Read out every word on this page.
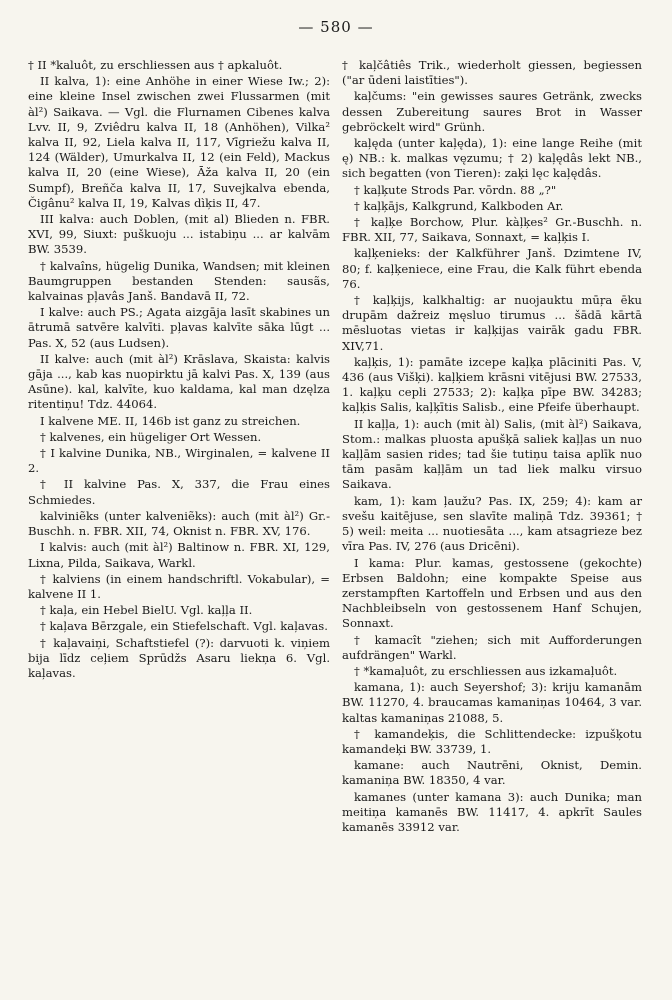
— 580 —

† II *kaluôt, zu erschliessen aus † apkaluôt.

II kalva, 1): eine Anhöhe in einer Wiese Iw.; 2): eine kleine Insel zwischen zwei Flussarmen (mit àl²) Saikava. — Vgl. die Flurnamen Cibenes kalva Lvv. II, 9, Zviêdru kalva II, 18 (Anhöhen), Vilka² kalva II, 92, Liela kalva II, 117, Vīgriežu kalva II, 124 (Wälder), Umurkalva II, 12 (ein Feld), Mackus kalva II, 20 (eine Wiese), Āža kalva II, 20 (ein Sumpf), Breñča kalva II, 17, Suvejkalva ebenda, Čigânu² kalva II, 19, Kalvas dìķis II, 47.

III kalva: auch Doblen, (mit al) Blieden n. FBR. XVI, 99, Siuxt: puškuoju ... istabiņu ... ar kalvām BW. 3539.

† kalvaîns, hügelig Dunika, Wandsen; mit kleinen Baumgruppen bestanden Stenden: sausãs, kalvainas pļavâs Janš. Bandavā II, 72.

I kalve: auch PS.; Agata aizgāja lasīt skabines un ātrumā satvēre kalvīti. pļavas kalvīte sāka lūgt ... Pas. X, 52 (aus Ludsen).

II kalve: auch (mit àl²) Krāslava, Skaista: kalvis gāja ..., kab kas nuopirktu jā kalvi Pas. X, 139 (aus Asūne). kal, kalvīte, kuo kaldama, kal man dzęlza ritentiņu! Tdz. 44064.

I kalvene ME. II, 146b ist ganz zu streichen.

† kalvenes, ein hügeliger Ort Wessen.

† I kalvine Dunika, NB., Wirginalen, = kalvene II 2.

† II kalvine Pas. X, 337, die Frau eines Schmiedes.

kalviniẽks (unter kalveniẽks): auch (mit àl²) Gr.-Buschh. n. FBR. XII, 74, Oknist n. FBR. XV, 176.

I kalvis: auch (mit àl²) Baltinow n. FBR. XI, 129, Lixna, Pilda, Saikava, Warkl.

† kalviens (in einem handschriftl. Vokabular), = kalvene II 1.

† kaļa, ein Hebel BielU. Vgl. kaļļa II.

† kaļava Bērzgale, ein Stiefelschaft. Vgl. kaļavas.

† kaļavaiņi, Schaftstiefel (?): darvuoti k. viņiem bija līdz ceļiem Sprūdžs Asaru liekņa 6. Vgl. kaļavas.

† kaļčâtiês Trik., wiederholt giessen, begiessen ("ar ūdeni laistīties").

kaļčums: "ein gewisses saures Getränk, zwecks dessen Zubereitung saures Brot in Wasser gebröckelt wird" Grünh.

kaļęda (unter kaļęda), 1): eine lange Reihe (mit ę) NB.: k. malkas vęzumu; † 2) kaļędâs lekt NB., sich begatten (von Tieren): zaķi lęc kaļędâs.

† kaļķute Strods Par. vōrdn. 88 „?"

† kaļķājs, Kalkgrund, Kalkboden Ar.

† kaļķe Borchow, Plur. kàļķes² Gr.-Buschh. n. FBR. XII, 77, Saikava, Sonnaxt, = kaļķis I.

kaļķenieks: der Kalkführer Janš. Dzimtene IV, 80; f. kaļķeniece, eine Frau, die Kalk führt ebenda 76.

† kaļķijs, kalkhaltig: ar nuojauktu mūŗa ēku drupām dažreiz męsluo tirumus ... šādā kārtā mēsluotas vietas ir kaļķijas vairāk gadu FBR. XIV,71.

kaļķis, 1): pamāte izcepe kaļķa plāciniti Pas. V, 436 (aus Višķi). kaļķiem krāsni vitējusi BW. 27533, 1. kaļķu cepli 27533; 2): kaļķa pīpe BW. 34283; kaļķis Salis, kaļķītis Salisb., eine Pfeife überhaupt.

II kaļļa, 1): auch (mit àl) Salis, (mit àl²) Saikava, Stom.: malkas pluosta apušķā saliek kaļļas un nuo kaļļām sasien rides; tad šie tutiņu taisa aplīk nuo tām pasām kaļļām un tad liek malku virsuo Saikava.

kam, 1): kam ļaužu? Pas. IX, 259; 4): kam ar svešu kaitējuse, sen slavīte maliņā Tdz. 39361; † 5) weil: meita ... nuotiesāta ..., kam atsagrieze bez vīra Pas. IV, 276 (aus Dricēni).

I kama: Plur. kamas, gestossene (gekochte) Erbsen Baldohn; eine kompakte Speise aus zerstampften Kartoffeln und Erbsen und aus den Nachbleibseln von gestossenem Hanf Schujen, Sonnaxt.

† kamacît "ziehen; sich mit Aufforderungen aufdrängen" Warkl.

† *kamaļuôt, zu erschliessen aus izkamaļuôt.

kamana, 1): auch Seyershof; 3): kriju kamanām BW. 11270, 4. braucamas kamaniņas 10464, 3 var. kaltas kamaniņas 21088, 5.

† kamandeķis, die Schlittendecke: izpušķotu kamandeķi BW. 33739, 1.

kamane: auch Nautrēni, Oknist, Demin. kamaniņa BW. 18350, 4 var.

kamanes (unter kamana 3): auch Dunika; man meitiņa kamanēs BW. 11417, 4. apkrīt Saules kamanēs 33912 var.
